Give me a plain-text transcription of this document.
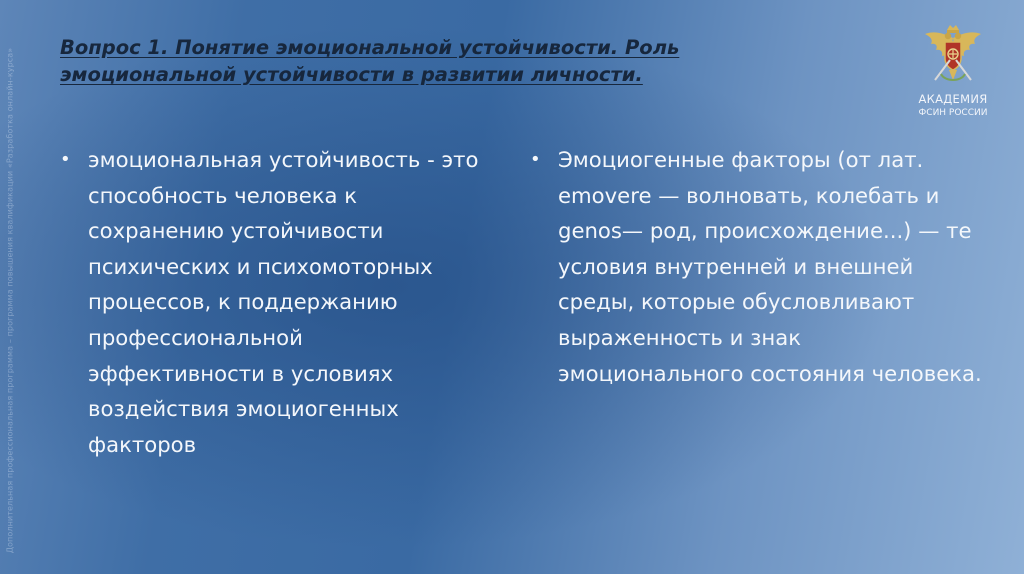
Дополнительная профессиональная программа – программа повышения квалификации «Разработка онлайн-курса» Вопрос 1. Понятие эмоциональной устойчивости. Роль эмоциональной устойчивости в развитии личности.
АКАДЕМИЯ
ФСИН РОССИИ
• эмоциональная устойчивость - это способность человека к сохранению устойчивости психических и психомоторных процессов, к поддержанию профессиональной эффективности в условиях воздействия эмоциогенных факторов
• Эмоциогенные факторы (от лат. emovere — волновать, колебать и genos— род, происхождение...) — те условия внутренней и внешней среды, которые обусловливают выраженность и знак эмоционального состояния человека.
